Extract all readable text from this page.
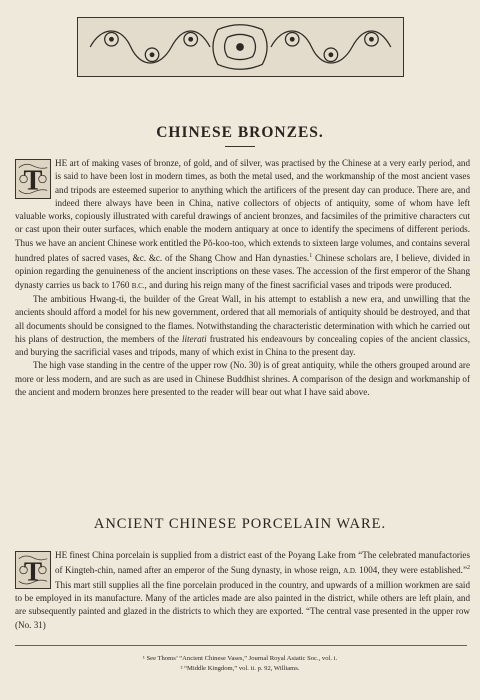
CHINESE BRONZES.

T
HE art of making vases of bronze, of gold, and of silver, was practised by the Chinese at a very early period, and is said to have been lost in modern times, as both the metal used, and the workmanship of the most ancient vases and tripods are esteemed superior to anything which the artificers of the present day can produce. There are, and indeed there always have been in China, native collectors of objects of antiquity, some of whom have left valuable works, copiously illustrated with careful drawings of ancient bronzes, and facsimiles of the primitive characters cut or cast upon their outer surfaces, which enable the modern antiquary at once to identify the specimens of different periods. Thus we have an ancient Chinese work entitled the Pŏ-koo-too, which extends to sixteen large volumes, and contains several hundred plates of sacred vases, &c. &c. of the Shang Chow and Han dynasties.$^1$ Chinese scholars are, I believe, divided in opinion regarding the genuineness of the ancient inscriptions on these vases. The accession of the first emperor of the Shang dynasty carries us back to 1760 B.C., and during his reign many of the finest sacrificial vases and tripods were produced.

The ambitious Hwang-ti, the builder of the Great Wall, in his attempt to establish a new era, and unwilling that the ancients should afford a model for his new government, ordered that all memorials of antiquity should be destroyed, and that all documents should be consigned to the flames. Notwithstanding the characteristic determination with which he carried out his plans of destruction, the members of the literati frustrated his endeavours by concealing copies of the ancient classics, and burying the sacrificial vases and tripods, many of which exist in China to the present day.

The high vase standing in the centre of the upper row (No. 30) is of great antiquity, while the others grouped around are more or less modern, and are such as are used in Chinese Buddhist shrines. A comparison of the design and workmanship of the ancient and modern bronzes here presented to the reader will bear out what I have said above.

ANCIENT CHINESE PORCELAIN WARE.

T
HE finest China porcelain is supplied from a district east of the Poyang Lake from “The celebrated manufactories of Kingteh-chin, named after an emperor of the Sung dynasty, in whose reign, A.D. 1004, they were established.”$^2$ This mart still supplies all the fine porcelain produced in the country, and upwards of a million workmen are said to be employed in its manufacture. Many of the articles made are also painted in the district, while others are left plain, and are subsequently painted and glazed in the districts to which they are exported. “The central vase presented in the upper row (No. 31)

¹ See Thoms’ “Ancient Chinese Vases,” Journal Royal Asiatic Soc., vol. i.
² “Middle Kingdom,” vol. ii. p. 92, Williams.
